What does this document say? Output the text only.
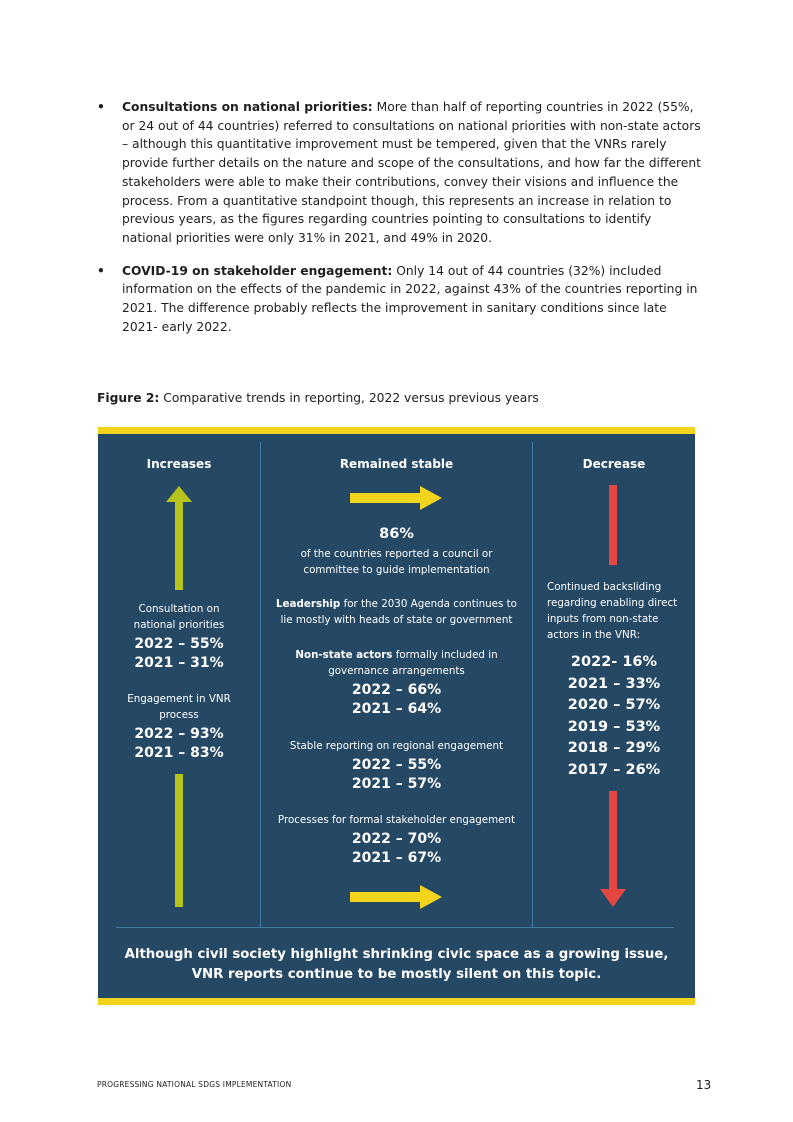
• Consultations on national priorities: More than half of reporting countries in 2022 (55%, or 24 out of 44 countries) referred to consultations on national priorities with non-state actors – although this quantitative improvement must be tempered, given that the VNRs rarely provide further details on the nature and scope of the consultations, and how far the different stakeholders were able to make their contributions, convey their visions and influence the process. From a quantitative standpoint though, this represents an increase in relation to previous years, as the figures regarding countries pointing to consultations to identify national priorities were only 31% in 2021, and 49% in 2020.
• COVID-19 on stakeholder engagement: Only 14 out of 44 countries (32%) included information on the effects of the pandemic in 2022, against 43% of the countries reporting in 2021. The difference probably reflects the improvement in sanitary conditions since late 2021- early 2022.
Figure 2: Comparative trends in reporting, 2022 versus previous years
Increases
Consultation on national priorities
2022 – 55%
2021 – 31%
Engagement in VNR process
2022 – 93%
2021 – 83%
Remained stable
86%
of the countries reported a council or committee to guide implementation
Leadership for the 2030 Agenda continues to lie mostly with heads of state or government
Non-state actors formally included in governance arrangements
2022 – 66%
2021 – 64%
Stable reporting on regional engagement
2022 – 55%
2021 – 57%
Processes for formal stakeholder engagement
2022 – 70%
2021 – 67%
Decrease
Continued backsliding regarding enabling direct inputs from non-state actors in the VNR:
2022- 16%
2021 – 33%
2020 – 57%
2019 – 53%
2018 – 29%
2017 – 26%
Although civil society highlight shrinking civic space as a growing issue, VNR reports continue to be mostly silent on this topic.
PROGRESSING NATIONAL SDGS IMPLEMENTATION	13
